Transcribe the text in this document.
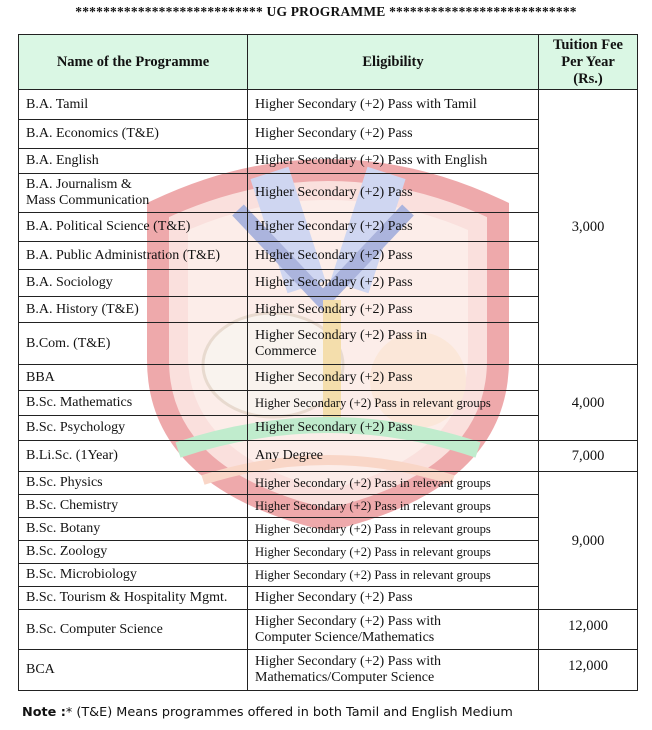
*************************** UG PROGRAMME ***************************
Name of the Programme	Eligibility	Tuition Fee
Per Year
(Rs.)
B.A. Tamil	Higher Secondary (+2) Pass with Tamil	3,000
B.A. Economics (T&E)	Higher Secondary (+2) Pass	
B.A. English	Higher Secondary (+2) Pass with English	
B.A. Journalism &
Mass Communication	Higher Secondary (+2) Pass	
B.A. Political Science (T&E)	Higher Secondary (+2) Pass	
B.A. Public Administration (T&E)	Higher Secondary (+2) Pass	
B.A. Sociology	Higher Secondary (+2) Pass	
B.A. History (T&E)	Higher Secondary (+2) Pass	
B.Com. (T&E)	Higher Secondary (+2) Pass in
Commerce	
BBA	Higher Secondary (+2) Pass	4,000
B.Sc. Mathematics	Higher Secondary (+2) Pass in relevant groups	
B.Sc. Psychology	Higher Secondary (+2) Pass	
B.Li.Sc. (1Year)	Any Degree	7,000
B.Sc. Physics	Higher Secondary (+2) Pass in relevant groups	9,000
B.Sc. Chemistry	Higher Secondary (+2) Pass in relevant groups	
B.Sc. Botany	Higher Secondary (+2) Pass in relevant groups	
B.Sc. Zoology	Higher Secondary (+2) Pass in relevant groups	
B.Sc. Microbiology	Higher Secondary (+2) Pass in relevant groups	
B.Sc. Tourism & Hospitality Mgmt.	Higher Secondary (+2) Pass	
B.Sc. Computer Science	Higher Secondary (+2) Pass with
Computer Science/Mathematics	12,000
BCA	Higher Secondary (+2) Pass with
Mathematics/Computer Science	12,000
Note :* (T&E) Means programmes offered in both Tamil and English Medium
